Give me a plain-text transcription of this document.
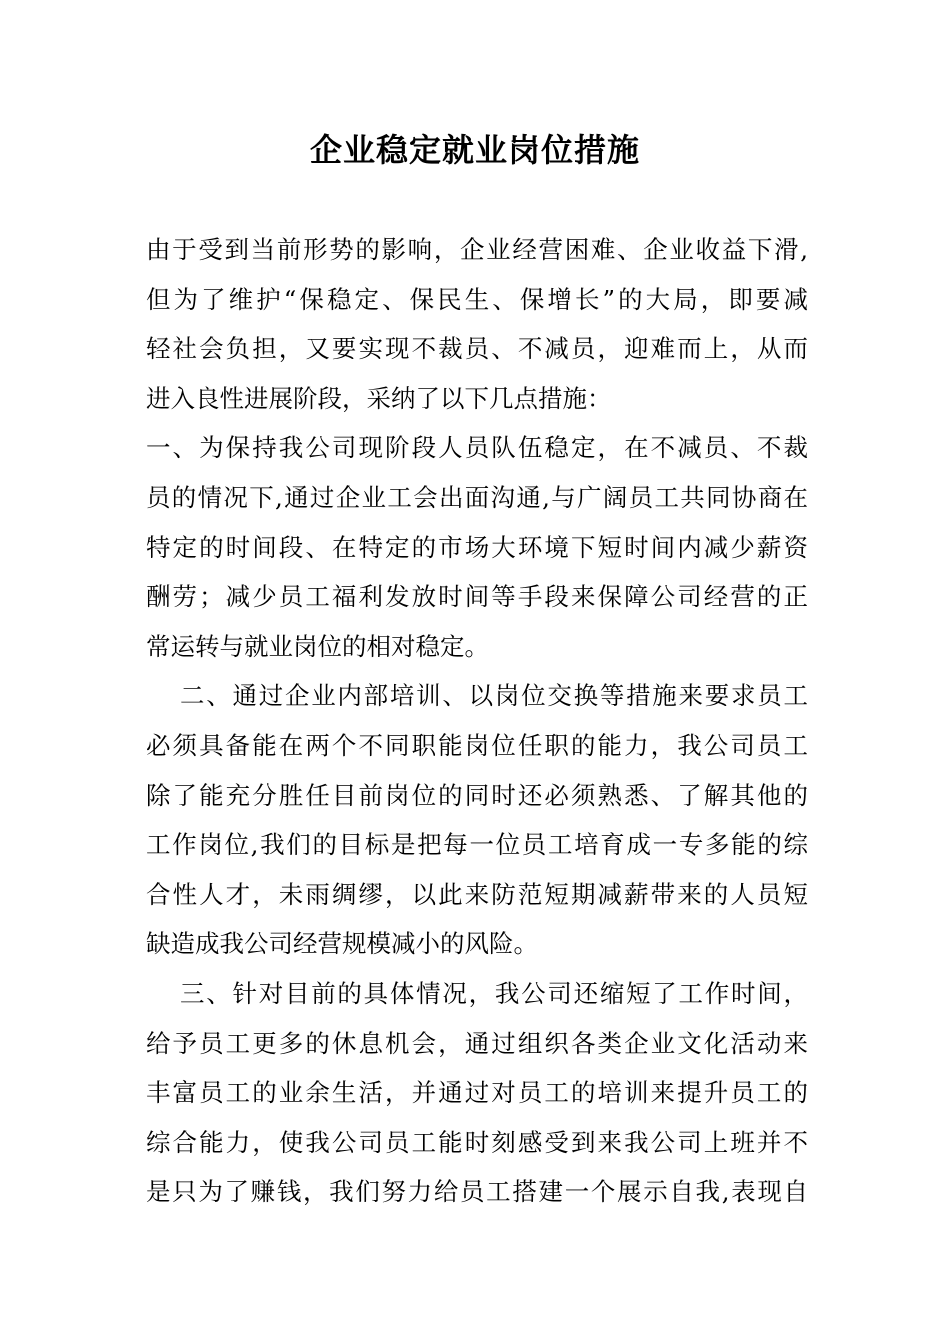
企业稳定就业岗位措施
由于受到当前形势的影响，企业经营困难、企业收益下滑,
但为了维护“保稳定、保民生、保增长”的大局，即要减
轻社会负担，又要实现不裁员、不减员，迎难而上，从而
进入良性进展阶段，采纳了以下几点措施：
一、为保持我公司现阶段人员队伍稳定，在不减员、不裁
员的情况下,通过企业工会出面沟通,与广阔员工共同协商在
特定的时间段、在特定的市场大环境下短时间内减少薪资
酬劳；减少员工福利发放时间等手段来保障公司经营的正
常运转与就业岗位的相对稳定。
二、通过企业内部培训、以岗位交换等措施来要求员工
必须具备能在两个不同职能岗位任职的能力，我公司员工
除了能充分胜任目前岗位的同时还必须熟悉、了解其他的
工作岗位,我们的目标是把每一位员工培育成一专多能的综
合性人才，未雨绸缪，以此来防范短期减薪带来的人员短
缺造成我公司经营规模减小的风险。
三、针对目前的具体情况，我公司还缩短了工作时间，
给予员工更多的休息机会，通过组织各类企业文化活动来
丰富员工的业余生活，并通过对员工的培训来提升员工的
综合能力，使我公司员工能时刻感受到来我公司上班并不
是只为了赚钱，我们努力给员工搭建一个展示自我,表现自
